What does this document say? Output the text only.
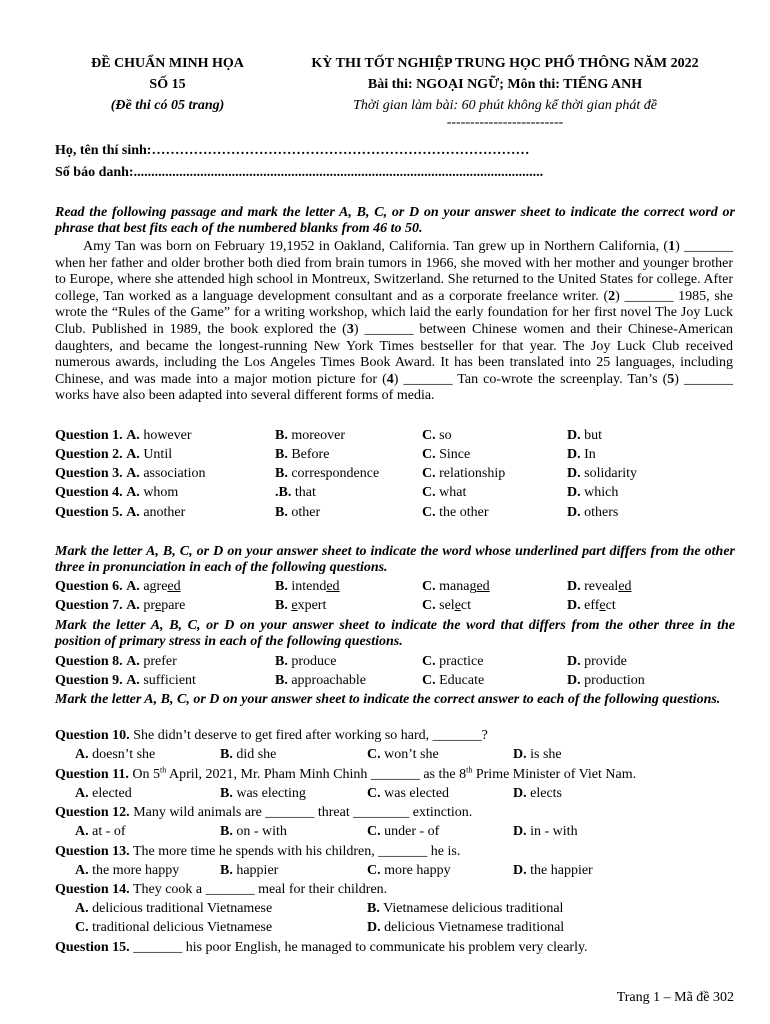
ĐỀ CHUẨN MINH HỌA
SỐ 15
(Đề thi có 05 trang)
KỲ THI TỐT NGHIỆP TRUNG HỌC PHỔ THÔNG NĂM 2022
Bài thi: NGOẠI NGỮ; Môn thi: TIẾNG ANH
Thời gian làm bài: 60 phút không kể thời gian phát đề
-------------------------
Họ, tên thí sinh:………………………………………………………………………
Số báo danh:.....................................................................................................................
Read the following passage and mark the letter A, B, C, or D on your answer sheet to indicate the correct word or phrase that best fits each of the numbered blanks from 46 to 50.

Amy Tan was born on February 19,1952 in Oakland, California. Tan grew up in Northern California, (1) _______ when her father and older brother both died from brain tumors in 1966, she moved with her mother and younger brother to Europe, where she attended high school in Montreux, Switzerland. She returned to the United States for college. After college, Tan worked as a language development consultant and as a corporate freelance writer. (2) _______ 1985, she wrote the “Rules of the Game” for a writing workshop, which laid the early foundation for her first novel The Joy Luck Club. Published in 1989, the book explored the (3) _______ between Chinese women and their Chinese-American daughters, and became the longest-running New York Times bestseller for that year. The Joy Luck Club received numerous awards, including the Los Angeles Times Book Award. It has been translated into 25 languages, including Chinese, and was made into a major motion picture for (4) _______ Tan co-wrote the screenplay. Tan’s (5) _______ works have also been adapted into several different forms of media.

Question 1. A. however	B. moreover	C. so	D. but
Question 2. A. Until	B. Before	C. Since	D. In
Question 3. A. association	B. correspondence	C. relationship	D. solidarity
Question 4. A. whom	.B. that	C. what	D. which
Question 5. A. another	B. other	C. the other	D. others
Mark the letter A, B, C, or D on your answer sheet to indicate the word whose underlined part differs from the other three in pronunciation in each of the following questions.
Question 6. A. agreed	B. intended	C. managed	D. revealed
Question 7. A. prepare	B. expert	C. select	D. effect
Mark the letter A, B, C, or D on your answer sheet to indicate the word that differs from the other three in the position of primary stress in each of the following questions.
Question 8. A. prefer	B. produce	C. practice	D. provide
Question 9. A. sufficient	B. approachable	C. Educate	D. production
Mark the letter A, B, C, or D on your answer sheet to indicate the correct answer to each of the following questions.
Question 10. She didn’t deserve to get fired after working so hard, _______?
A. doesn’t she	B. did she	C. won’t she	D. is she
Question 11. On 5th April, 2021, Mr. Pham Minh Chinh _______ as the 8th Prime Minister of Viet Nam.
A. elected	B. was electing	C. was elected	D. elects
Question 12. Many wild animals are _______ threat ________ extinction.
A. at - of	B. on - with	C. under - of	D. in - with
Question 13. The more time he spends with his children, _______ he is.
A. the more happy	B. happier	C. more happy	D. the happier
Question 14. They cook a _______ meal for their children.
A. delicious traditional Vietnamese	B. Vietnamese delicious traditional
C. traditional delicious Vietnamese	D. delicious Vietnamese traditional
Question 15. _______ his poor English, he managed to communicate his problem very clearly.
Trang 1 – Mã đề 302
